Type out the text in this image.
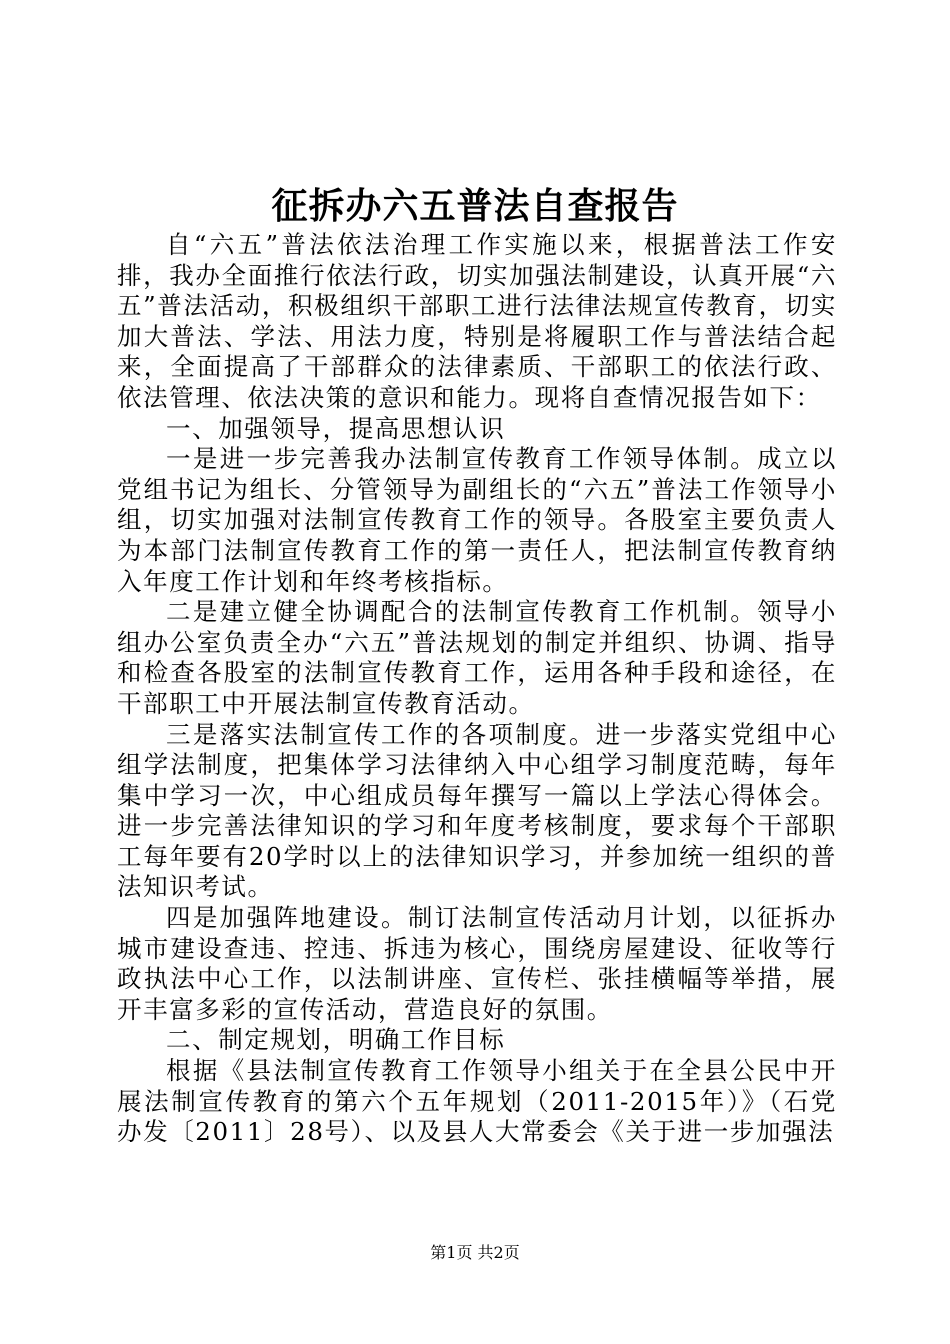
征拆办六五普法自查报告

自“六五”普法依法治理工作实施以来，根据普法工作安排，我办全面推行依法行政，切实加强法制建设，认真开展“六五”普法活动，积极组织干部职工进行法律法规宣传教育，切实加大普法、学法、用法力度，特别是将履职工作与普法结合起来，全面提高了干部群众的法律素质、干部职工的依法行政、依法管理、依法决策的意识和能力。现将自查情况报告如下：

一、加强领导，提高思想认识

一是进一步完善我办法制宣传教育工作领导体制。成立以党组书记为组长、分管领导为副组长的“六五”普法工作领导小组，切实加强对法制宣传教育工作的领导。各股室主要负责人为本部门法制宣传教育工作的第一责任人，把法制宣传教育纳入年度工作计划和年终考核指标。

二是建立健全协调配合的法制宣传教育工作机制。领导小组办公室负责全办“六五”普法规划的制定并组织、协调、指导和检查各股室的法制宣传教育工作，运用各种手段和途径，在干部职工中开展法制宣传教育活动。

三是落实法制宣传工作的各项制度。进一步落实党组中心组学法制度，把集体学习法律纳入中心组学习制度范畴，每年集中学习一次，中心组成员每年撰写一篇以上学法心得体会。进一步完善法律知识的学习和年度考核制度，要求每个干部职工每年要有20学时以上的法律知识学习，并参加统一组织的普法知识考试。

四是加强阵地建设。制订法制宣传活动月计划，以征拆办城市建设查违、控违、拆违为核心，围绕房屋建设、征收等行政执法中心工作，以法制讲座、宣传栏、张挂横幅等举措，展开丰富多彩的宣传活动，营造良好的氛围。

二、制定规划，明确工作目标

根据《县法制宣传教育工作领导小组关于在全县公民中开展法制宣传教育的第六个五年规划（2011-2015年）》（石党办发〔2011〕28号）、以及县人大常委会《关于进一步加强法

第1页 共2页
